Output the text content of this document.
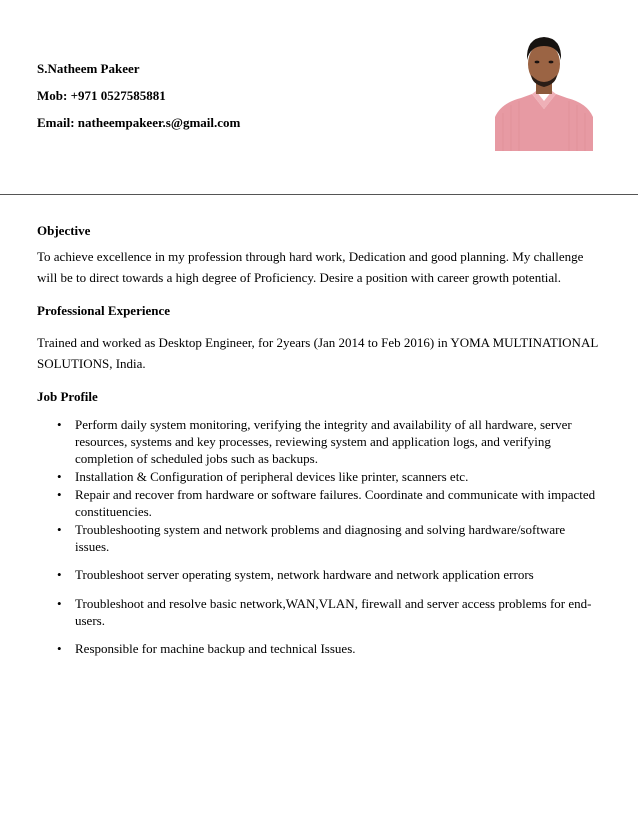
S.Natheem Pakeer
Mob: +971 0527585881
Email: natheempakeer.s@gmail.com
Objective
To achieve excellence in my profession through hard work, Dedication and good planning. My challenge will be to direct towards a high degree of Proficiency. Desire a position with career growth potential.
Professional Experience
Trained and worked as Desktop Engineer, for 2years (Jan 2014 to Feb 2016) in YOMA MULTINATIONAL SOLUTIONS, India.
Job Profile
• Perform daily system monitoring, verifying the integrity and availability of all hardware, server resources, systems and key processes, reviewing system and application logs, and verifying completion of scheduled jobs such as backups.
• Installation & Configuration of peripheral devices like printer, scanners etc.
• Repair and recover from hardware or software failures. Coordinate and communicate with impacted constituencies.
• Troubleshooting system and network problems and diagnosing and solving hardware/software issues.
• Troubleshoot server operating system, network hardware and network application errors
• Troubleshoot and resolve basic network,WAN,VLAN, firewall and server access problems for end-users.
• Responsible for machine backup and technical Issues.
